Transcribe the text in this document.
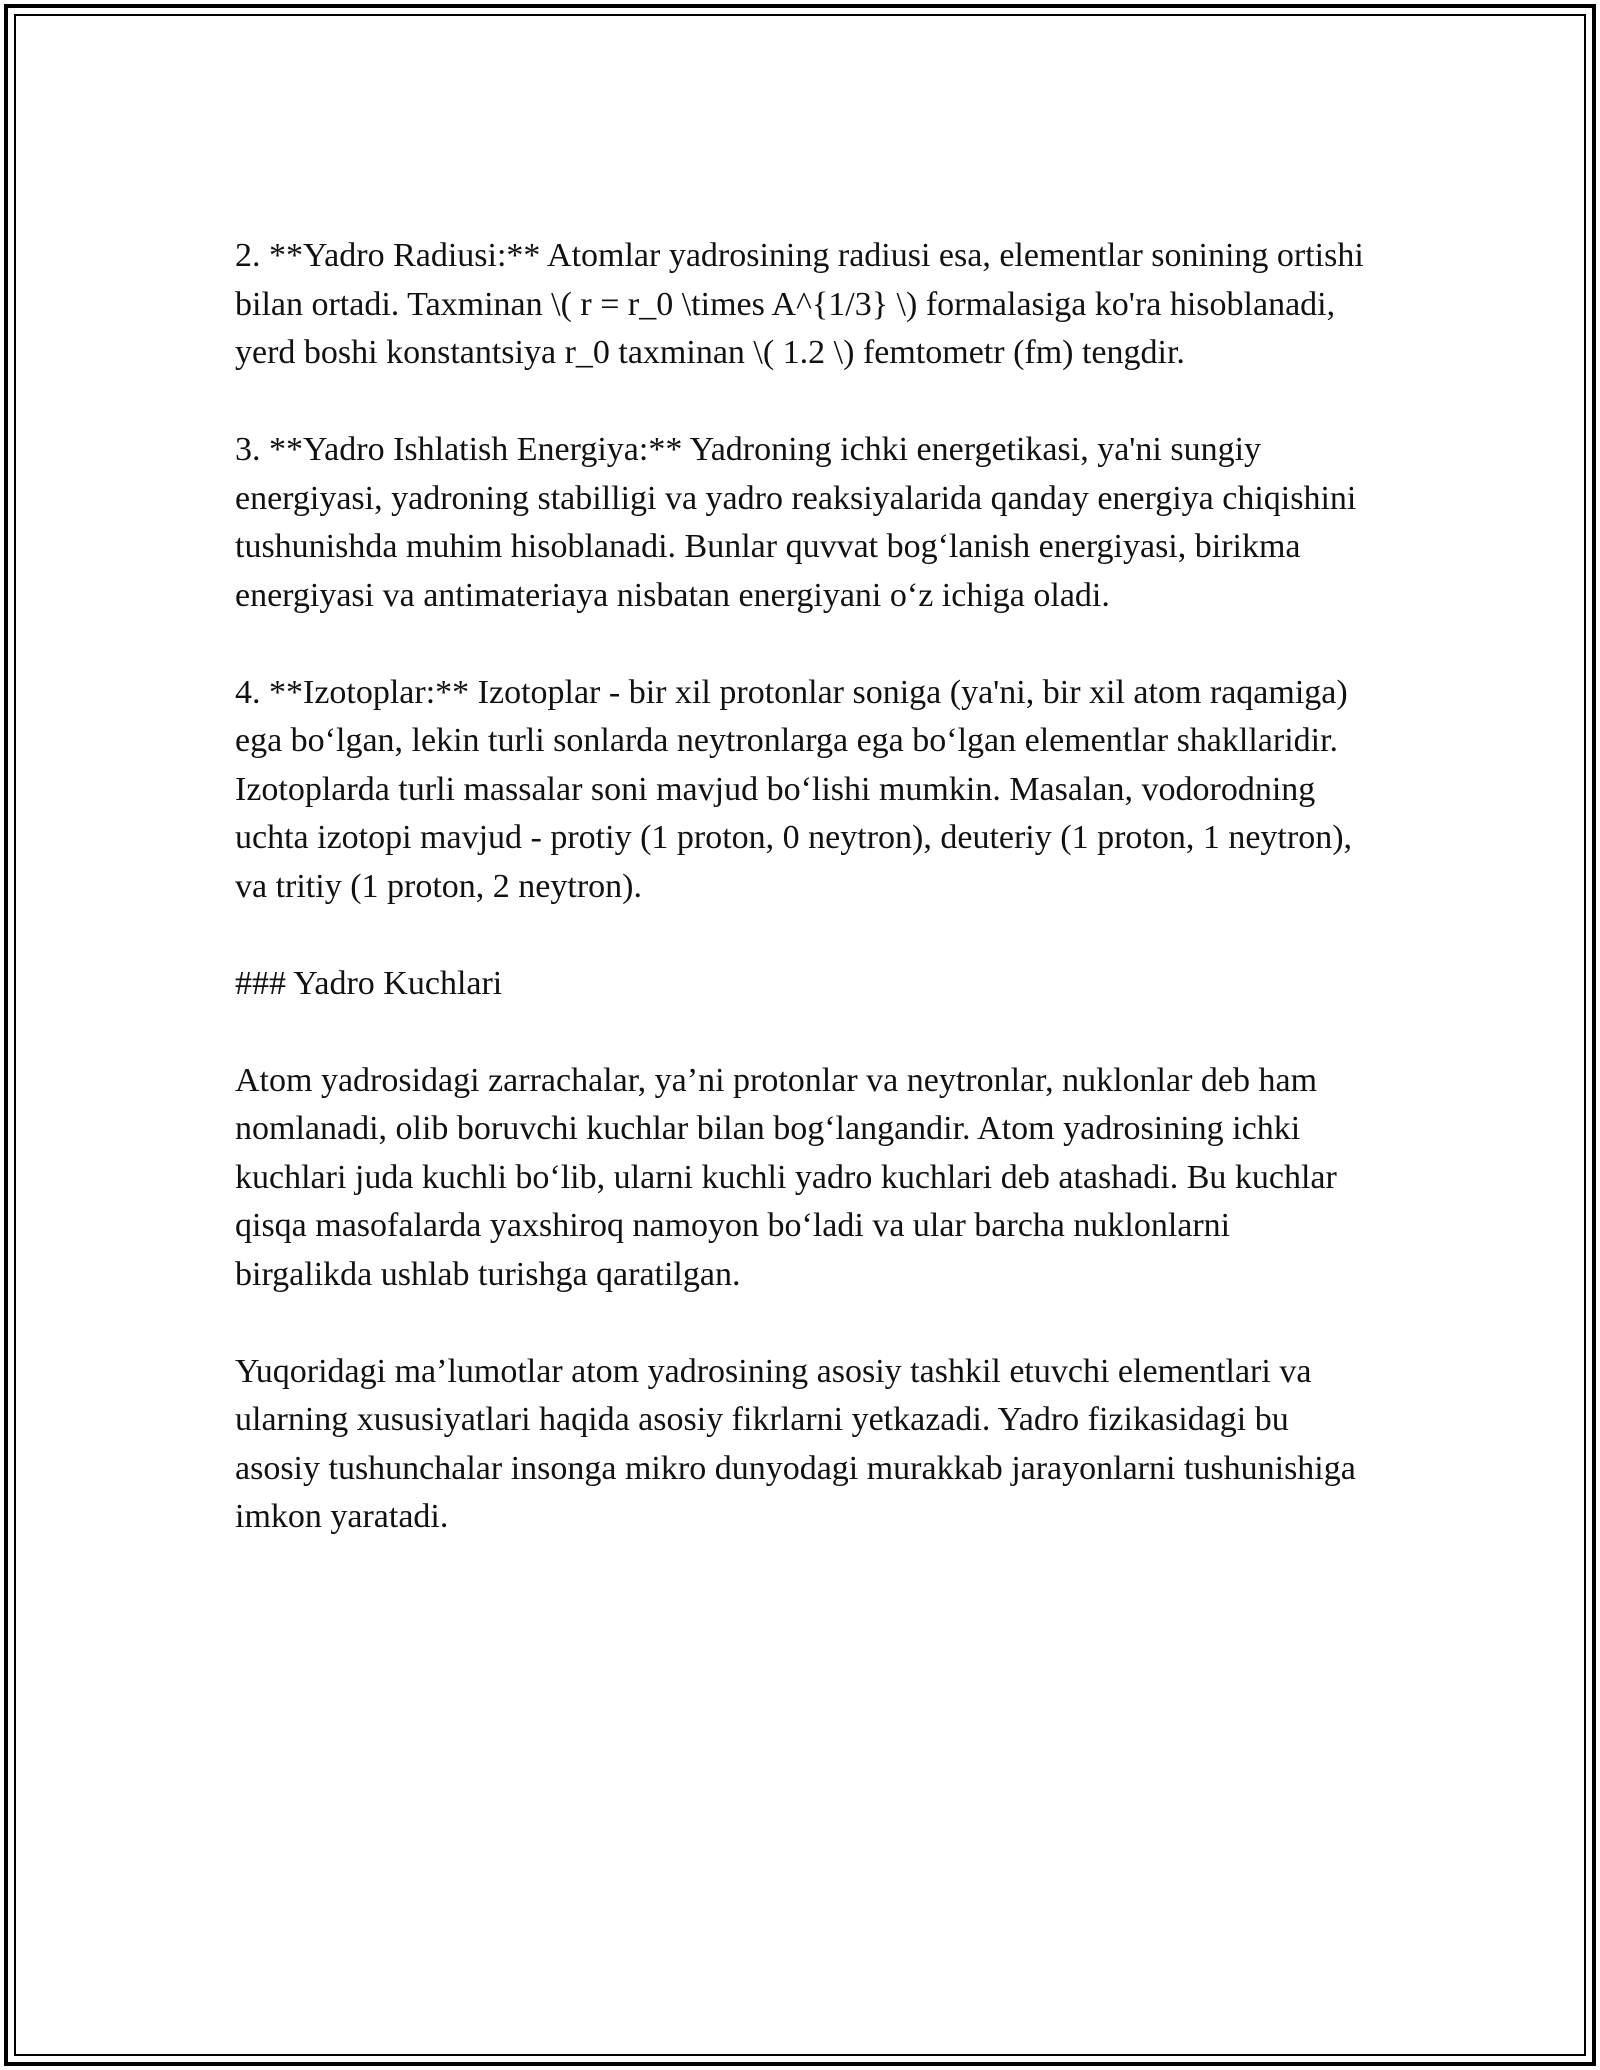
2. **Yadro Radiusi:** Atomlar yadrosining radiusi esa, elementlar sonining ortishi bilan ortadi. Taxminan \( r = r_0 \times A^{1/3} \) formalasiga ko'ra hisoblanadi, yerd boshi konstantsiya r_0 taxminan \( 1.2 \) femtometr (fm) tengdir.

3. **Yadro Ishlatish Energiya:** Yadroning ichki energetikasi, ya'ni sungiy energiyasi, yadroning stabilligi va yadro reaksiyalarida qanday energiya chiqishini tushunishda muhim hisoblanadi. Bunlar quvvat bog‘lanish energiyasi, birikma energiyasi va antimateriaya nisbatan energiyani o‘z ichiga oladi.

4. **Izotoplar:** Izotoplar - bir xil protonlar soniga (ya'ni, bir xil atom raqamiga) ega bo‘lgan, lekin turli sonlarda neytronlarga ega bo‘lgan elementlar shakllaridir. Izotoplarda turli massalar soni mavjud bo‘lishi mumkin. Masalan, vodorodning uchta izotopi mavjud - protiy (1 proton, 0 neytron), deuteriy (1 proton, 1 neytron), va tritiy (1 proton, 2 neytron).

### Yadro Kuchlari

Atom yadrosidagi zarrachalar, ya’ni protonlar va neytronlar, nuklonlar deb ham nomlanadi, olib boruvchi kuchlar bilan bog‘langandir. Atom yadrosining ichki kuchlari juda kuchli bo‘lib, ularni kuchli yadro kuchlari deb atashadi. Bu kuchlar qisqa masofalarda yaxshiroq namoyon bo‘ladi va ular barcha nuklonlarni birgalikda ushlab turishga qaratilgan.

Yuqoridagi ma’lumotlar atom yadrosining asosiy tashkil etuvchi elementlari va ularning xususiyatlari haqida asosiy fikrlarni yetkazadi. Yadro fizikasidagi bu asosiy tushunchalar insonga mikro dunyodagi murakkab jarayonlarni tushunishiga imkon yaratadi.
